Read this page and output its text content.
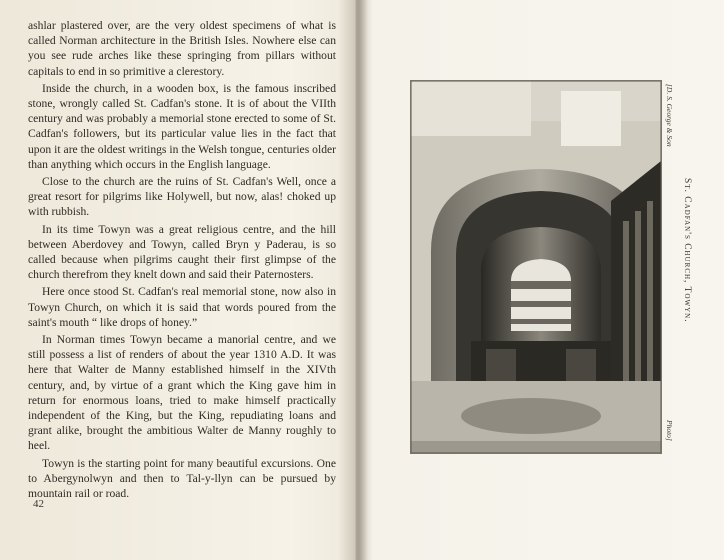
ashlar plastered over, are the very oldest specimens of what is called Norman architecture in the British Isles. Nowhere else can you see rude arches like these springing from pillars without capitals to end in so primitive a clerestory.

Inside the church, in a wooden box, is the famous inscribed stone, wrongly called St. Cadfan's stone. It is of about the VIIth century and was probably a memorial stone erected to some of St. Cadfan's followers, but its particular value lies in the fact that upon it are the oldest writings in the Welsh tongue, centuries older than anything which occurs in the English language.

Close to the church are the ruins of St. Cadfan's Well, once a great resort for pilgrims like Holywell, but now, alas! choked up with rubbish.

In its time Towyn was a great religious centre, and the hill between Aberdovey and Towyn, called Bryn y Paderau, is so called because when pilgrims caught their first glimpse of the church therefrom they knelt down and said their Paternosters.

Here once stood St. Cadfan's real memorial stone, now also in Towyn Church, on which it is said that words poured from the saint's mouth “ like drops of honey.”

In Norman times Towyn became a manorial centre, and we still possess a list of renders of about the year 1310 A.D. It was here that Walter de Manny established himself in the XIVth century, and, by virtue of a grant which the King gave him in return for enormous loans, tried to make himself practically independent of the King, but the King, repudiating loans and grant alike, brought the ambitious Walter de Manny roughly to heel.

Towyn is the starting point for many beautiful excursions. One to Abergynolwyn and then to Tal-y-llyn can be pursued by mountain rail or road.

42
[D. S. George & Son
St. Cadfan's Church, Towyn.
Photo]
